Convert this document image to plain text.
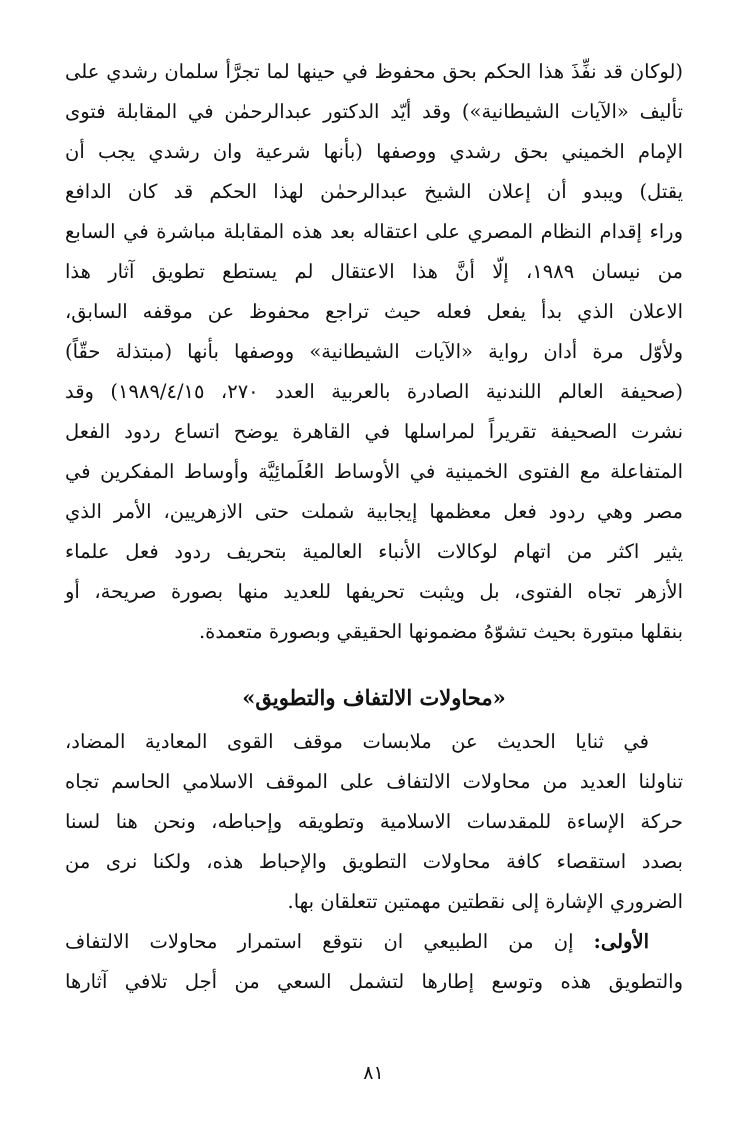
(لوكان قد نفِّذَ هذا الحكم بحق محفوظ في حينها لما تجرَّأ سلمان رشدي على
تأليف «الآيات الشيطانية») وقد أيّد الدكتور عبدالرحمٰن في المقابلة فتوى
الإمام الخميني بحق رشدي ووصفها (بأنها شرعية وان رشدي يجب أن
يقتل) ويبدو أن إعلان الشيخ عبدالرحمٰن لهذا الحكم قد كان الدافع
وراء إقدام النظام المصري على اعتقاله بعد هذه المقابلة مباشرة في السابع
من نيسان ١٩٨٩، إلّا أنَّ هذا الاعتقال لم يستطع تطويق آثار هذا
الاعلان الذي بدأ يفعل فعله حيث تراجع محفوظ عن موقفه السابق،
ولأوّل مرة أدان رواية «الآيات الشيطانية» ووصفها بأنها (مبتذلة حقّاً)
(صحيفة العالم اللندنية الصادرة بالعربية العدد ٢٧٠، ١٩٨٩/٤/١٥) وقد
نشرت الصحيفة تقريراً لمراسلها في القاهرة يوضح اتساع ردود الفعل
المتفاعلة مع الفتوى الخمينية في الأوساط العُلَمائِيَّة وأوساط المفكرين في
مصر وهي ردود فعل معظمها إيجابية شملت حتى الازهريين، الأمر الذي
يثير اكثر من اتهام لوكالات الأنباء العالمية بتحريف ردود فعل علماء
الأزهر تجاه الفتوى، بل ويثبت تحريفها للعديد منها بصورة صريحة، أو
بنقلها مبتورة بحيث تشوّهُ مضمونها الحقيقي وبصورة متعمدة.
«محاولات الالتفاف والتطويق»
في ثنايا الحديث عن ملابسات موقف القوى المعادية المضاد،
تناولنا العديد من محاولات الالتفاف على الموقف الاسلامي الحاسم تجاه
حركة الإساءة للمقدسات الاسلامية وتطويقه وإحباطه، ونحن هنا لسنا
بصدد استقصاء كافة محاولات التطويق والإحباط هذه، ولكنا نرى من
الضروري الإشارة إلى نقطتين مهمتين تتعلقان بها.
الأولى: إن من الطبيعي ان نتوقع استمرار محاولات الالتفاف
والتطويق هذه وتوسع إطارها لتشمل السعي من أجل تلافي آثارها
٨١
